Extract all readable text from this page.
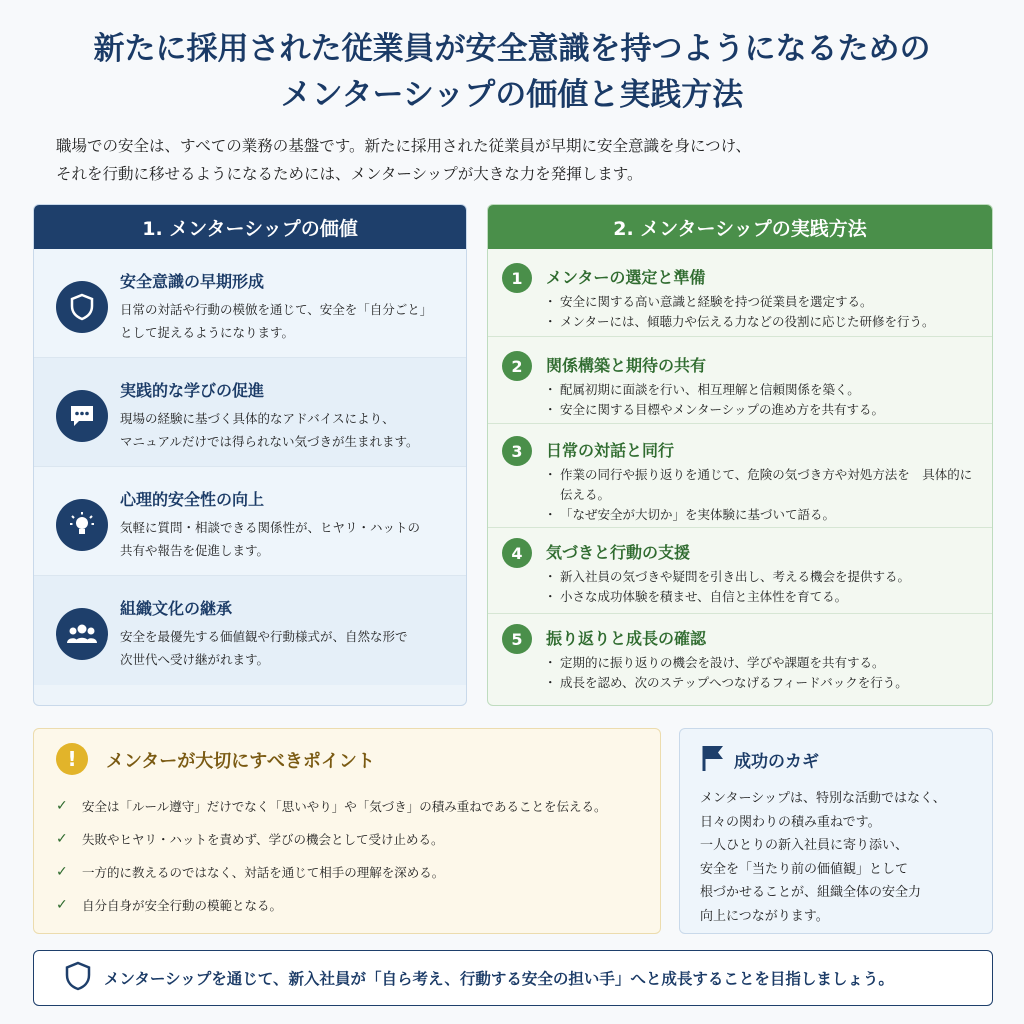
新たに採用された従業員が安全意識を持つようになるための
メンターシップの価値と実践方法
職場での安全は、すべての業務の基盤です。新たに採用された従業員が早期に安全意識を身につけ、
それを行動に移せるようになるためには、メンターシップが大きな力を発揮します。
1. メンターシップの価値
安全意識の早期形成
日常の対話や行動の模倣を通じて、安全を「自分ごと」
として捉えるようになります。
実践的な学びの促進
現場の経験に基づく具体的なアドバイスにより、
マニュアルだけでは得られない気づきが生まれます。
心理的安全性の向上
気軽に質問・相談できる関係性が、ヒヤリ・ハットの
共有や報告を促進します。
組織文化の継承
安全を最優先する価値観や行動様式が、自然な形で
次世代へ受け継がれます。
2. メンターシップの実践方法
1	メンターの選定と準備
・ 安全に関する高い意識と経験を持つ従業員を選定する。
・ メンターには、傾聴力や伝える力などの役割に応じた研修を行う。
2	関係構築と期待の共有
・ 配属初期に面談を行い、相互理解と信頼関係を築く。
・ 安全に関する目標やメンターシップの進め方を共有する。
3	日常の対話と同行
・ 作業の同行や振り返りを通じて、危険の気づき方や対処方法を　具体的に伝える。
・ 「なぜ安全が大切か」を実体験に基づいて語る。
4	気づきと行動の支援
・ 新入社員の気づきや疑問を引き出し、考える機会を提供する。
・ 小さな成功体験を積ませ、自信と主体性を育てる。
5	振り返りと成長の確認
・ 定期的に振り返りの機会を設け、学びや課題を共有する。
・ 成長を認め、次のステップへつなげるフィードバックを行う。
!	メンターが大切にすべきポイント
✓	安全は「ルール遵守」だけでなく「思いやり」や「気づき」の積み重ねであることを伝える。
✓	失敗やヒヤリ・ハットを責めず、学びの機会として受け止める。
✓	一方的に教えるのではなく、対話を通じて相手の理解を深める。
✓	自分自身が安全行動の模範となる。
成功のカギ
メンターシップは、特別な活動ではなく、
日々の関わりの積み重ねです。
一人ひとりの新入社員に寄り添い、
安全を「当たり前の価値観」として
根づかせることが、組織全体の安全力
向上につながります。
メンターシップを通じて、新入社員が「自ら考え、行動する安全の担い手」へと成長することを目指しましょう。
